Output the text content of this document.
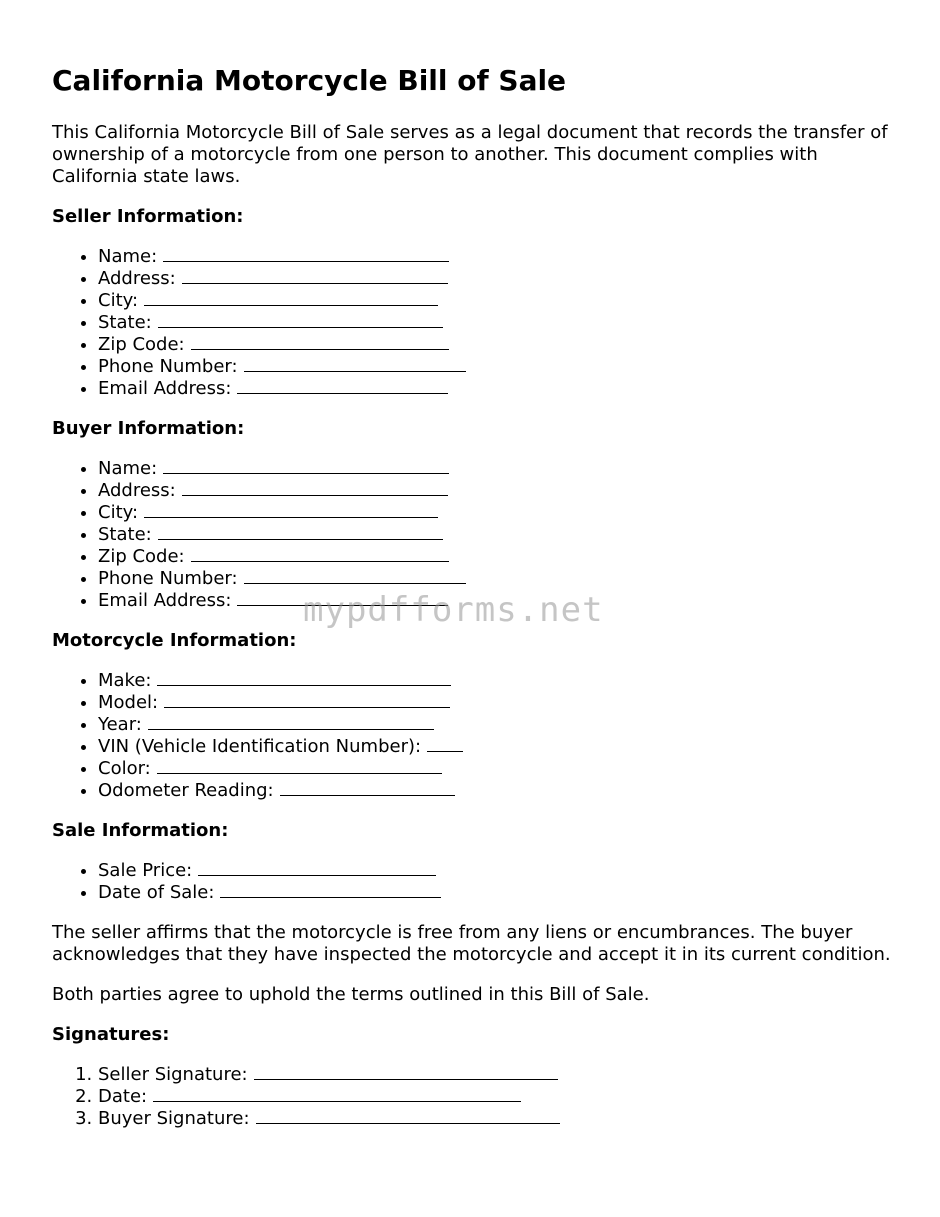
California Motorcycle Bill of Sale

This California Motorcycle Bill of Sale serves as a legal document that records the transfer of ownership of a motorcycle from one person to another. This document complies with California state laws.

Seller Information:
• Name:
• Address:
• City:
• State:
• Zip Code:
• Phone Number:
• Email Address:
Buyer Information:
• Name:
• Address:
• City:
• State:
• Zip Code:
• Phone Number:
• Email Address:
Motorcycle Information:
• Make:
• Model:
• Year:
• VIN (Vehicle Identification Number):
• Color:
• Odometer Reading:
Sale Information:
• Sale Price:
• Date of Sale:

The seller affirms that the motorcycle is free from any liens or encumbrances. The buyer acknowledges that they have inspected the motorcycle and accept it in its current condition.

Both parties agree to uphold the terms outlined in this Bill of Sale.

Signatures:
1. Seller Signature:
2. Date:
3. Buyer Signature:
mypdfforms.net
